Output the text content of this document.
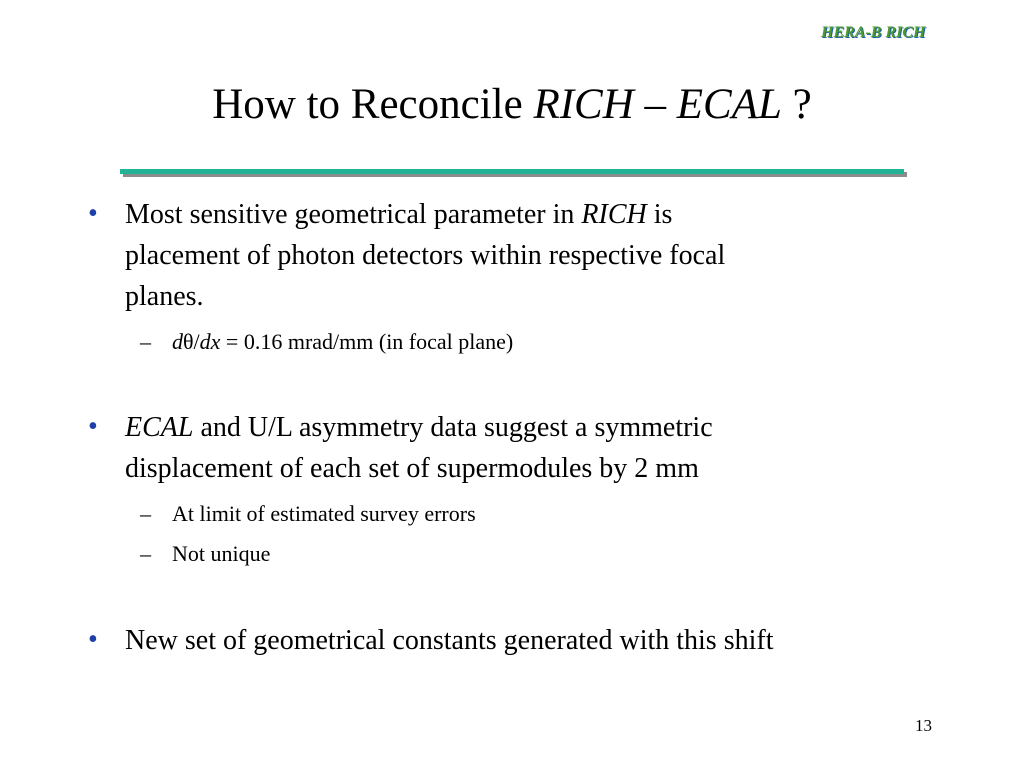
HERA-B RICH
How to Reconcile RICH – ECAL ?
• Most sensitive geometrical parameter in RICH is
placement of photon detectors within respective focal
planes.
– dθ/dx = 0.16 mrad/mm (in focal plane)
• ECAL and U/L asymmetry data suggest a symmetric
displacement of each set of supermodules by 2 mm
– At limit of estimated survey errors
– Not unique
• New set of geometrical constants generated with this shift
13
